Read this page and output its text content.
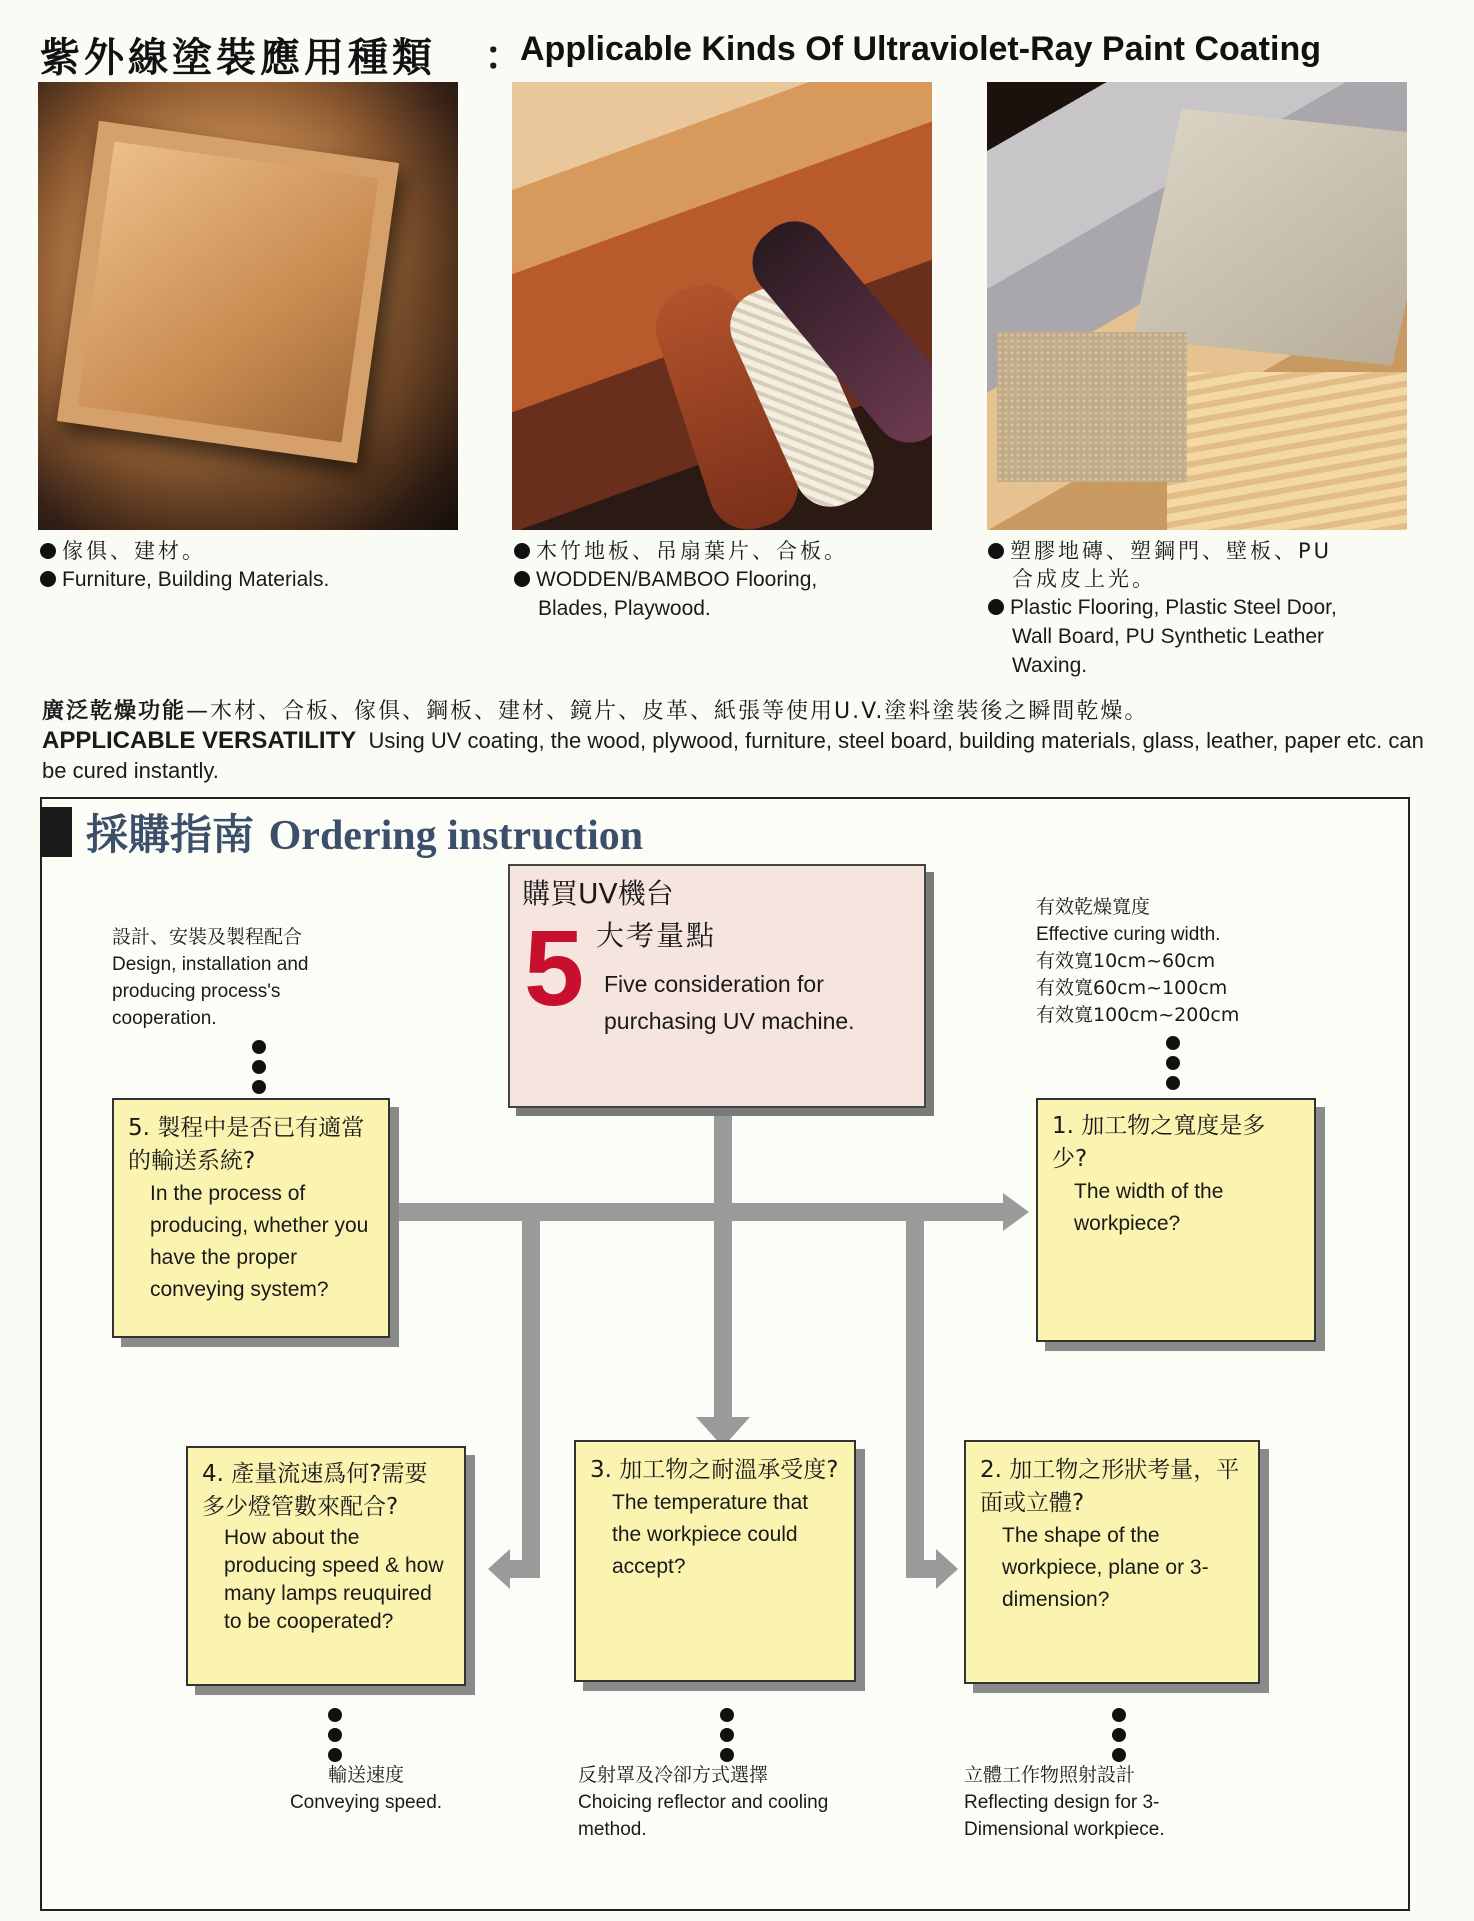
紫外線塗裝應用種類 ：
Applicable Kinds Of Ultraviolet-Ray Paint Coating
傢俱、建材。
Furniture, Building Materials.
木竹地板、吊扇葉片、合板。
WODDEN/BAMBOO Flooring,
Blades, Playwood.
塑膠地磚、塑鋼門、壁板、PU
合成皮上光。
Plastic Flooring, Plastic Steel Door,
Wall Board, PU Synthetic Leather
Waxing.
廣泛乾燥功能—木材、合板、傢俱、鋼板、建材、鏡片、皮革、紙張等使用U.V.塗料塗裝後之瞬間乾燥。
APPLICABLE VERSATILITY Using UV coating, the wood, plywood, furniture, steel board, building materials, glass, leather, paper etc. can be cured instantly.
採購指南 Ordering instruction
購買UV機台
5 大考量點
Five consideration for purchasing UV machine.
5. 製程中是否已有適當的輸送系統?
In the process of producing, whether you have the proper conveying system?
1. 加工物之寬度是多少?
The width of the workpiece?
4. 產量流速爲何?需要多少燈管數來配合?
How about the producing speed & how many lamps reuquired to be cooperated?
3. 加工物之耐溫承受度?
The temperature that the workpiece could accept?
2. 加工物之形狀考量，平面或立體?
The shape of the workpiece, plane or 3-dimension?
設計、安裝及製程配合
Design, installation and producing process's cooperation.
有效乾燥寬度
Effective curing width.
有效寬10cm~60cm
有效寬60cm~100cm
有效寬100cm~200cm
輸送速度
Conveying speed.
反射罩及冷卻方式選擇
Choicing reflector and cooling method.
立體工作物照射設計
Reflecting design for 3-Dimensional workpiece.
